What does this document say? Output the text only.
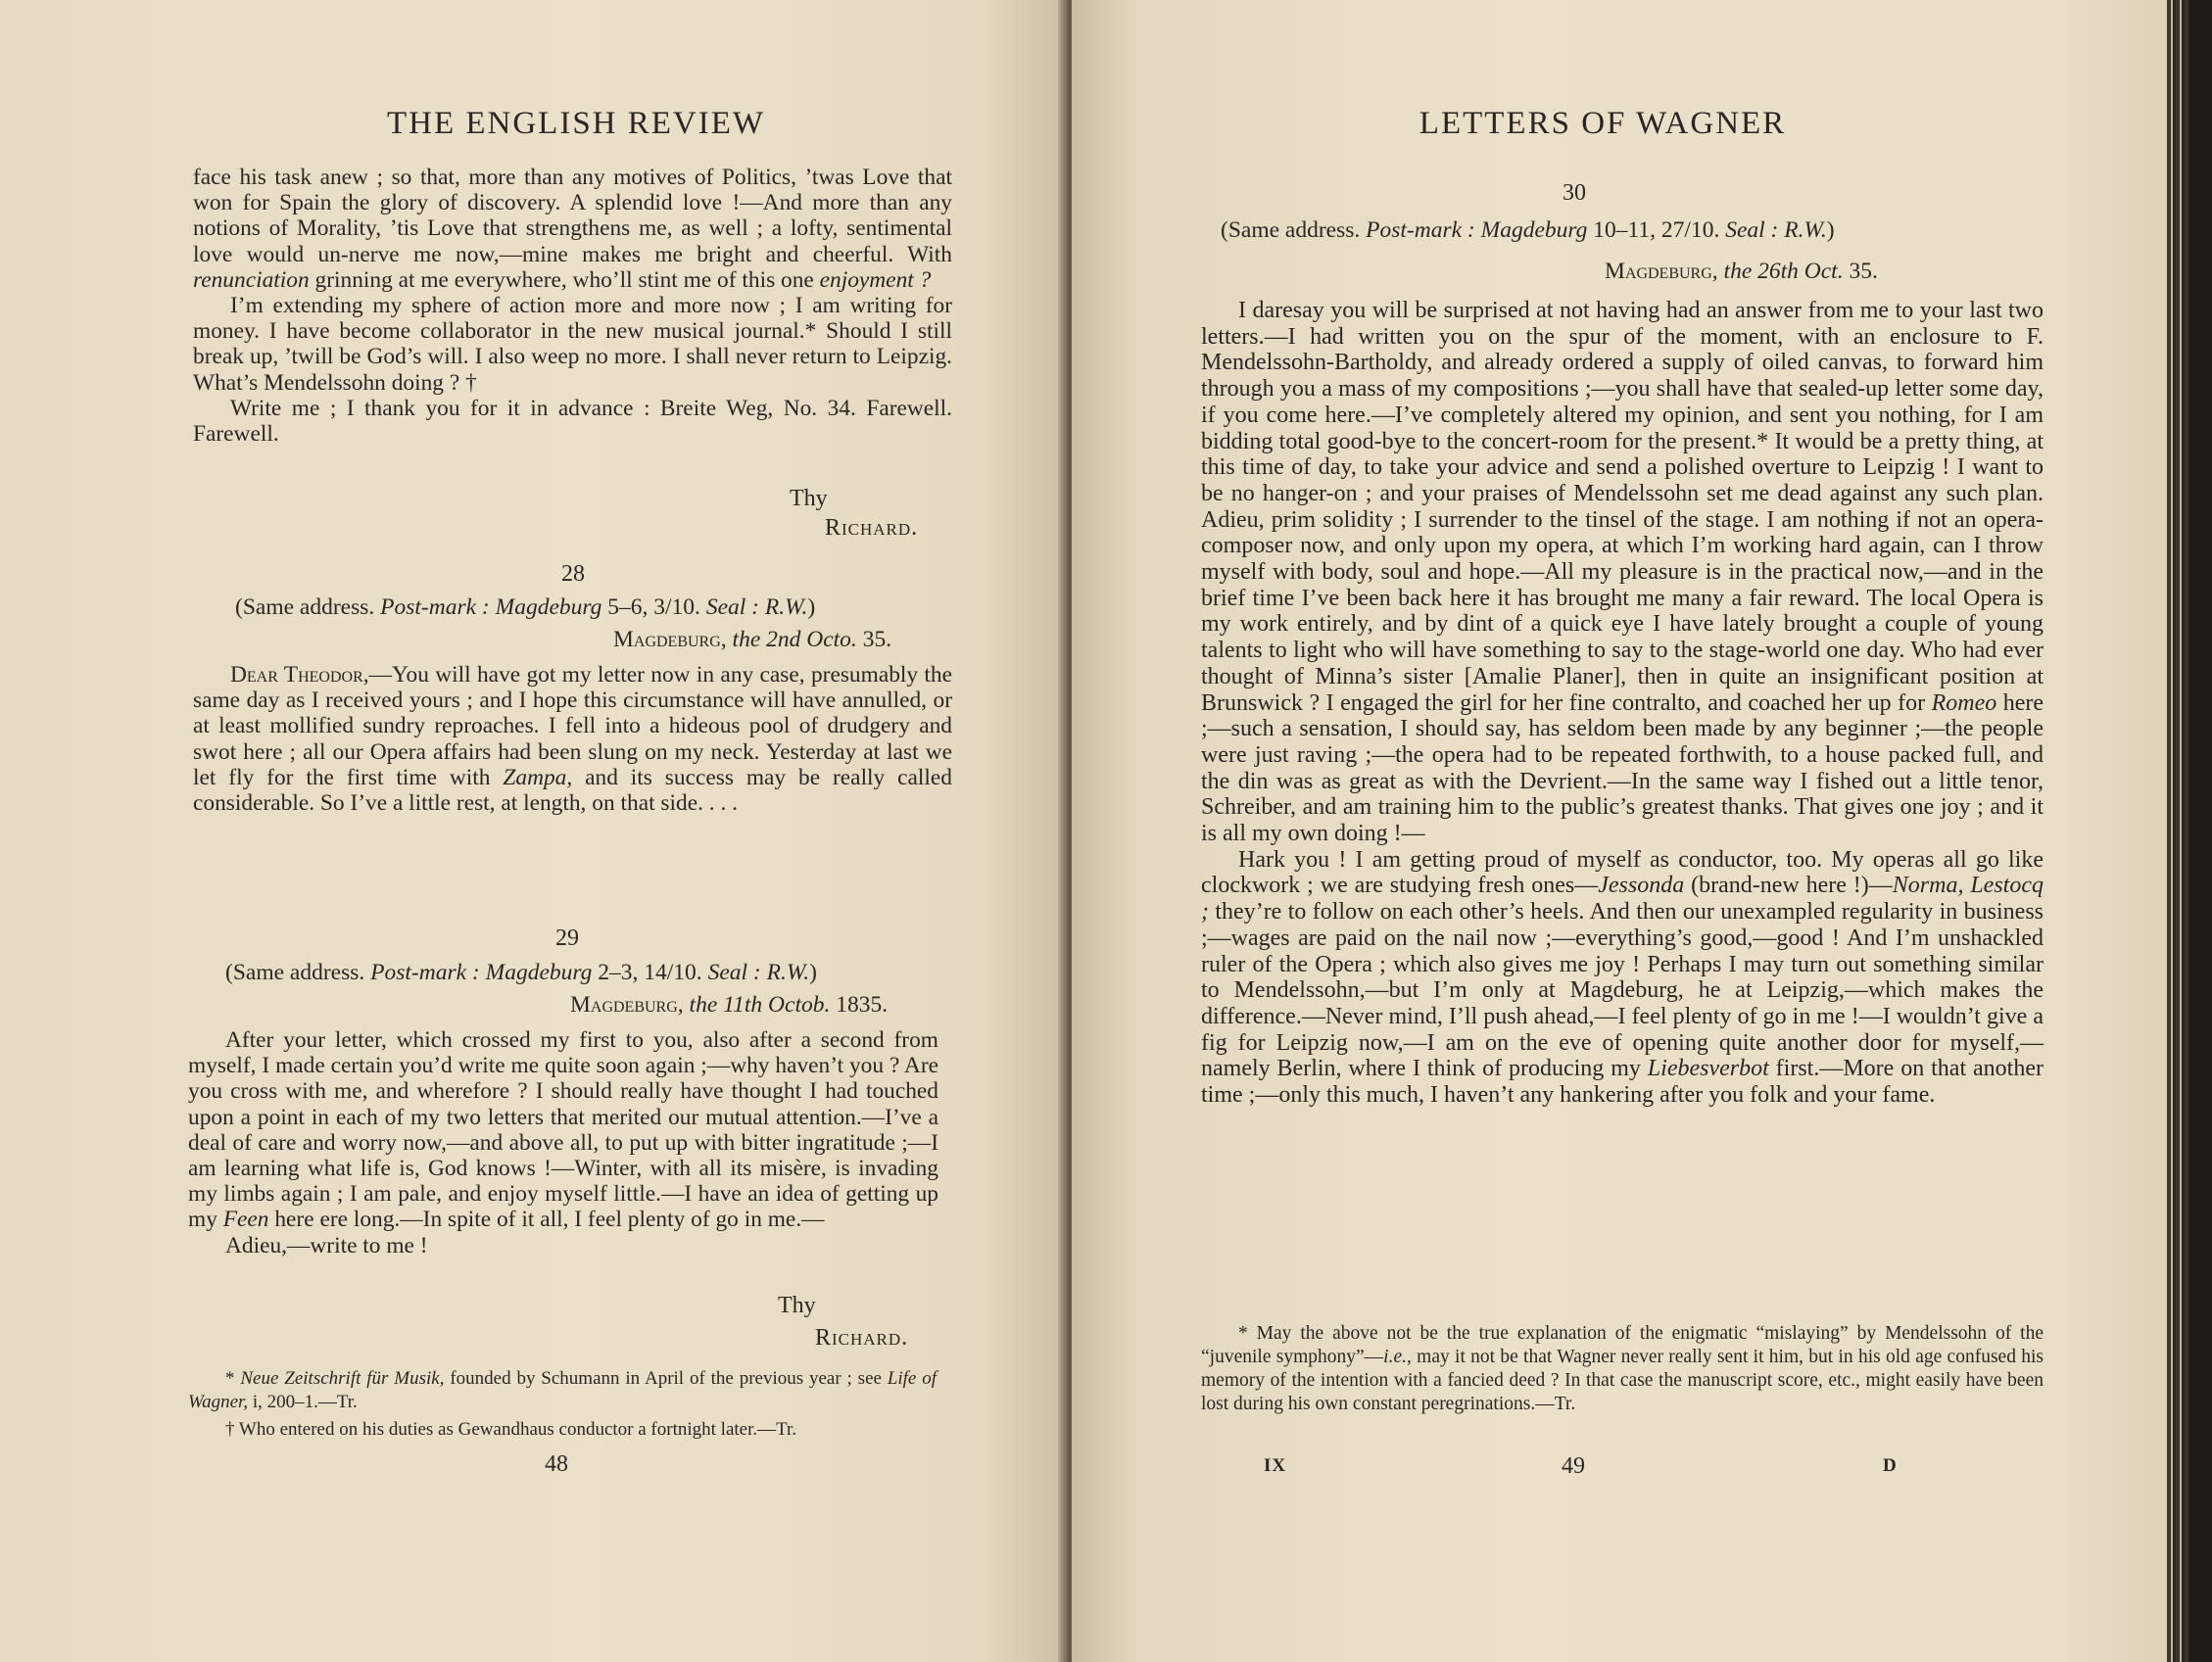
THE ENGLISH REVIEW

face his task anew ; so that, more than any motives of Politics, ’twas Love that won for Spain the glory of discovery. A splendid love !—And more than any notions of Morality, ’tis Love that strengthens me, as well ; a lofty, sentimental love would un-nerve me now,—mine makes me bright and cheerful. With renunciation grinning at me everywhere, who’ll stint me of this one enjoyment ?

I’m extending my sphere of action more and more now ; I am writing for money. I have become collaborator in the new musical journal.* Should I still break up, ’twill be God’s will. I also weep no more. I shall never return to Leipzig. What’s Mendelssohn doing ? †

Write me ; I thank you for it in advance : Breite Weg, No. 34. Farewell. Farewell.

Thy
Richard.
28
(Same address. Post-mark : Magdeburg 5–6, 3/10. Seal : R.W.)
Magdeburg, the 2nd Octo. 35.

Dear Theodor,—You will have got my letter now in any case, presumably the same day as I received yours ; and I hope this circumstance will have annulled, or at least mollified sundry reproaches. I fell into a hideous pool of drudgery and swot here ; all our Opera affairs had been slung on my neck. Yesterday at last we let fly for the first time with Zampa, and its success may be really called considerable. So I’ve a little rest, at length, on that side. . . .

29
(Same address. Post-mark : Magdeburg 2–3, 14/10. Seal : R.W.)
Magdeburg, the 11th Octob. 1835.

After your letter, which crossed my first to you, also after a second from myself, I made certain you’d write me quite soon again ;—why haven’t you ? Are you cross with me, and wherefore ? I should really have thought I had touched upon a point in each of my two letters that merited our mutual attention.—I’ve a deal of care and worry now,—and above all, to put up with bitter ingratitude ;—I am learning what life is, God knows !—Winter, with all its misère, is invading my limbs again ; I am pale, and enjoy myself little.—I have an idea of getting up my Feen here ere long.—In spite of it all, I feel plenty of go in me.—

Adieu,—write to me !

Thy
Richard.

* Neue Zeitschrift für Musik, founded by Schumann in April of the previous year ; see Life of Wagner, i, 200–1.—Tr.

† Who entered on his duties as Gewandhaus conductor a fortnight later.—Tr.

48
LETTERS OF WAGNER
30
(Same address. Post-mark : Magdeburg 10–11, 27/10. Seal : R.W.)
Magdeburg, the 26th Oct. 35.

I daresay you will be surprised at not having had an answer from me to your last two letters.—I had written you on the spur of the moment, with an enclosure to F. Mendelssohn-Bartholdy, and already ordered a supply of oiled canvas, to forward him through you a mass of my compositions ;—you shall have that sealed-up letter some day, if you come here.—I’ve completely altered my opinion, and sent you nothing, for I am bidding total good-bye to the concert-room for the present.* It would be a pretty thing, at this time of day, to take your advice and send a polished overture to Leipzig ! I want to be no hanger-on ; and your praises of Mendelssohn set me dead against any such plan. Adieu, prim solidity ; I surrender to the tinsel of the stage. I am nothing if not an opera-composer now, and only upon my opera, at which I’m working hard again, can I throw myself with body, soul and hope.—All my pleasure is in the practical now,—and in the brief time I’ve been back here it has brought me many a fair reward. The local Opera is my work entirely, and by dint of a quick eye I have lately brought a couple of young talents to light who will have something to say to the stage-world one day. Who had ever thought of Minna’s sister [Amalie Planer], then in quite an insignificant position at Brunswick ? I engaged the girl for her fine contralto, and coached her up for Romeo here ;—such a sensation, I should say, has seldom been made by any beginner ;—the people were just raving ;—the opera had to be repeated forthwith, to a house packed full, and the din was as great as with the Devrient.—In the same way I fished out a little tenor, Schreiber, and am training him to the public’s greatest thanks. That gives one joy ; and it is all my own doing !—

Hark you ! I am getting proud of myself as conductor, too. My operas all go like clockwork ; we are studying fresh ones—Jessonda (brand-new here !)—Norma, Lestocq ; they’re to follow on each other’s heels. And then our unexampled regularity in business ;—wages are paid on the nail now ;—everything’s good,—good ! And I’m unshackled ruler of the Opera ; which also gives me joy ! Perhaps I may turn out something similar to Mendelssohn,—but I’m only at Magdeburg, he at Leipzig,—which makes the difference.—Never mind, I’ll push ahead,—I feel plenty of go in me !—I wouldn’t give a fig for Leipzig now,—I am on the eve of opening quite another door for myself,—namely Berlin, where I think of producing my Liebesverbot first.—More on that another time ;—only this much, I haven’t any hankering after you folk and your fame.

* May the above not be the true explanation of the enigmatic “mislaying” by Mendelssohn of the “juvenile symphony”—i.e., may it not be that Wagner never really sent it him, but in his old age confused his memory of the intention with a fancied deed ? In that case the manuscript score, etc., might easily have been lost during his own constant peregrinations.—Tr.

IX	49	D
